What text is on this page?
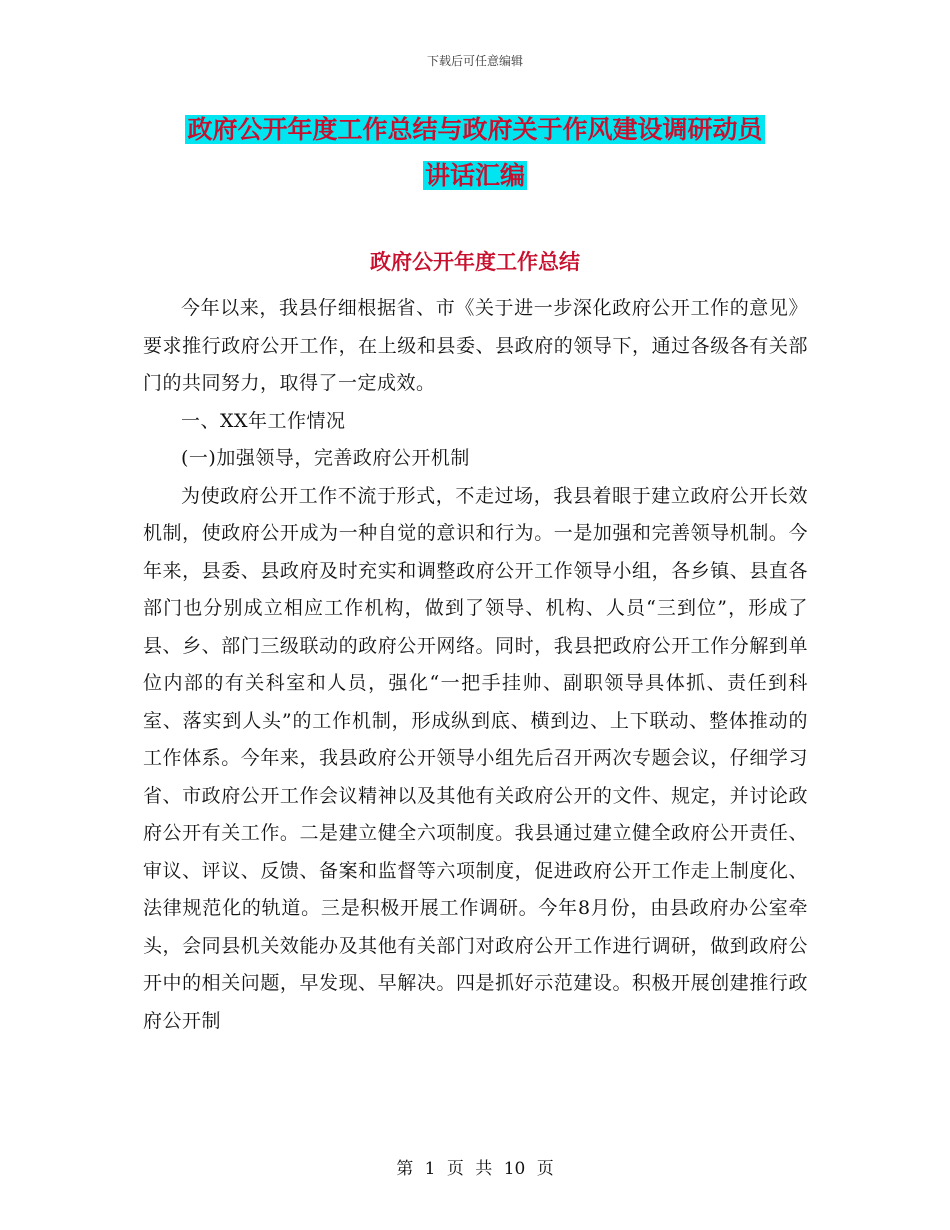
下载后可任意编辑
政府公开年度工作总结与政府关于作风建设调研动员
讲话汇编
政府公开年度工作总结

今年以来，我县仔细根据省、市《关于进一步深化政府公开工作的意见》要求推行政府公开工作，在上级和县委、县政府的领导下，通过各级各有关部门的共同努力，取得了一定成效。

一、XX年工作情况

(一)加强领导，完善政府公开机制

为使政府公开工作不流于形式，不走过场，我县着眼于建立政府公开长效机制，使政府公开成为一种自觉的意识和行为。一是加强和完善领导机制。今年来，县委、县政府及时充实和调整政府公开工作领导小组，各乡镇、县直各部门也分别成立相应工作机构，做到了领导、机构、人员“三到位”，形成了县、乡、部门三级联动的政府公开网络。同时，我县把政府公开工作分解到单位内部的有关科室和人员，强化“一把手挂帅、副职领导具体抓、责任到科室、落实到人头”的工作机制，形成纵到底、横到边、上下联动、整体推动的工作体系。今年来，我县政府公开领导小组先后召开两次专题会议，仔细学习省、市政府公开工作会议精神以及其他有关政府公开的文件、规定，并讨论政府公开有关工作。二是建立健全六项制度。我县通过建立健全政府公开责任、审议、评议、反馈、备案和监督等六项制度，促进政府公开工作走上制度化、法律规范化的轨道。三是积极开展工作调研。今年8月份，由县政府办公室牵头，会同县机关效能办及其他有关部门对政府公开工作进行调研，做到政府公开中的相关问题，早发现、早解决。四是抓好示范建设。积极开展创建推行政府公开制

第 1 页 共 10 页
